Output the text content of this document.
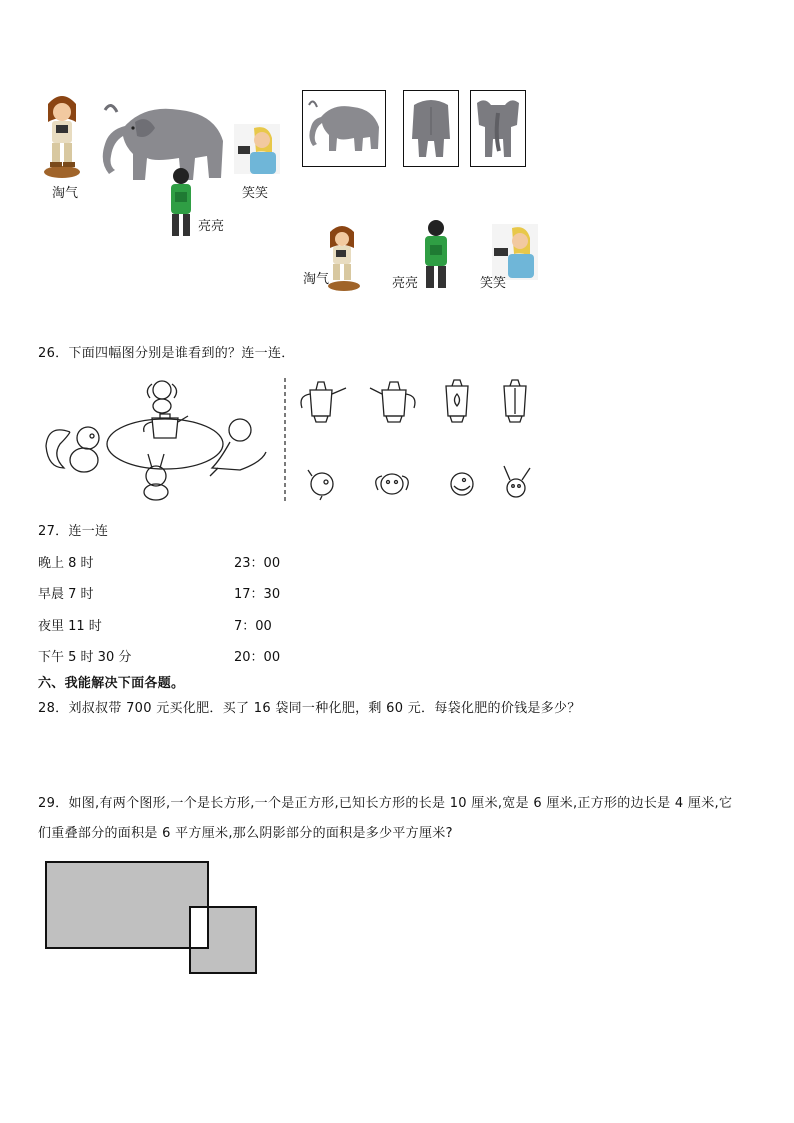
淘气
亮亮
笑笑
淘气	亮亮	笑笑
26．下面四幅图分别是谁看到的？连一连．
27．连一连
晚上 8 时
早晨 7 时
夜里 11 时
下午 5 时 30 分
23：00
17：30
7：00
20：00
六、我能解决下面各题。
28．刘叔叔带 700 元买化肥．买了 16 袋同一种化肥，剩 60 元．每袋化肥的价钱是多少？
29．如图,有两个图形,一个是长方形,一个是正方形,已知长方形的长是 10 厘米,宽是 6 厘米,正方形的边长是 4 厘米,它
们重叠部分的面积是 6 平方厘米,那么阴影部分的面积是多少平方厘米?
